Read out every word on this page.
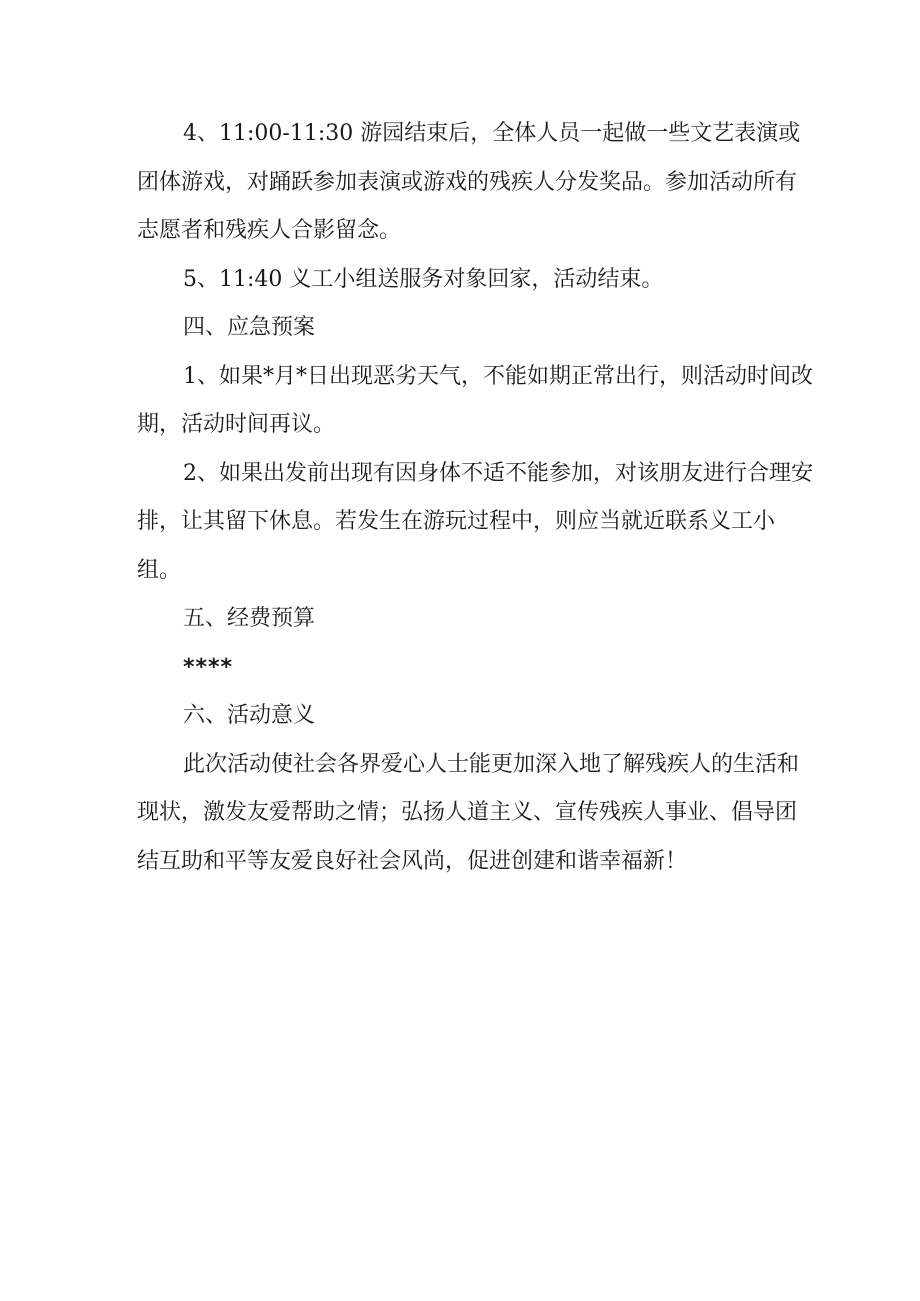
4、11:00-11:30 游园结束后，全体人员一起做一些文艺表演或团体游戏，对踊跃参加表演或游戏的残疾人分发奖品。参加活动所有志愿者和残疾人合影留念。

5、11:40 义工小组送服务对象回家，活动结束。

四、应急预案

1、如果*月*日出现恶劣天气，不能如期正常出行，则活动时间改期，活动时间再议。

2、如果出发前出现有因身体不适不能参加，对该朋友进行合理安排，让其留下休息。若发生在游玩过程中，则应当就近联系义工小组。

五、经费预算

****

六、活动意义

此次活动使社会各界爱心人士能更加深入地了解残疾人的生活和现状，激发友爱帮助之情；弘扬人道主义、宣传残疾人事业、倡导团结互助和平等友爱良好社会风尚，促进创建和谐幸福新！
